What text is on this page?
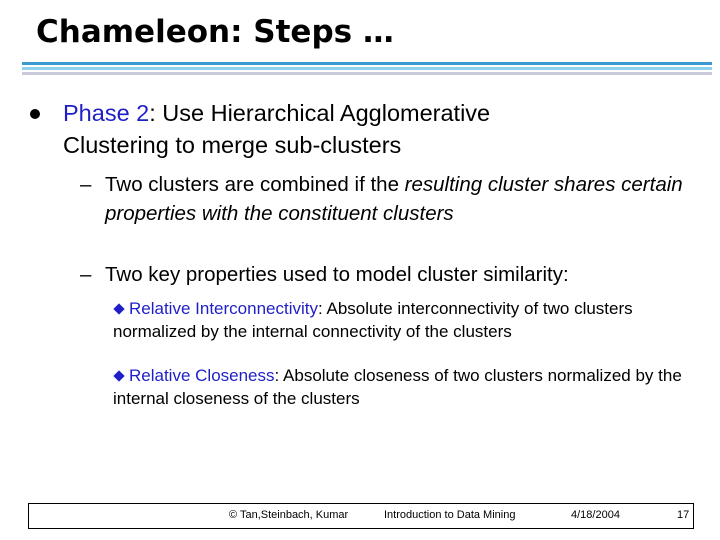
Chameleon: Steps …
Phase 2: Use Hierarchical Agglomerative
Clustering to merge sub-clusters
– Two clusters are combined if the resulting cluster shares certain properties with the constituent clusters
– Two key properties used to model cluster similarity:
Relative Interconnectivity: Absolute interconnectivity of two clusters normalized by the internal connectivity of the clusters
Relative Closeness: Absolute closeness of two clusters normalized by the internal closeness of the clusters
© Tan,Steinbach, Kumar	Introduction to Data Mining	4/18/2004	17
